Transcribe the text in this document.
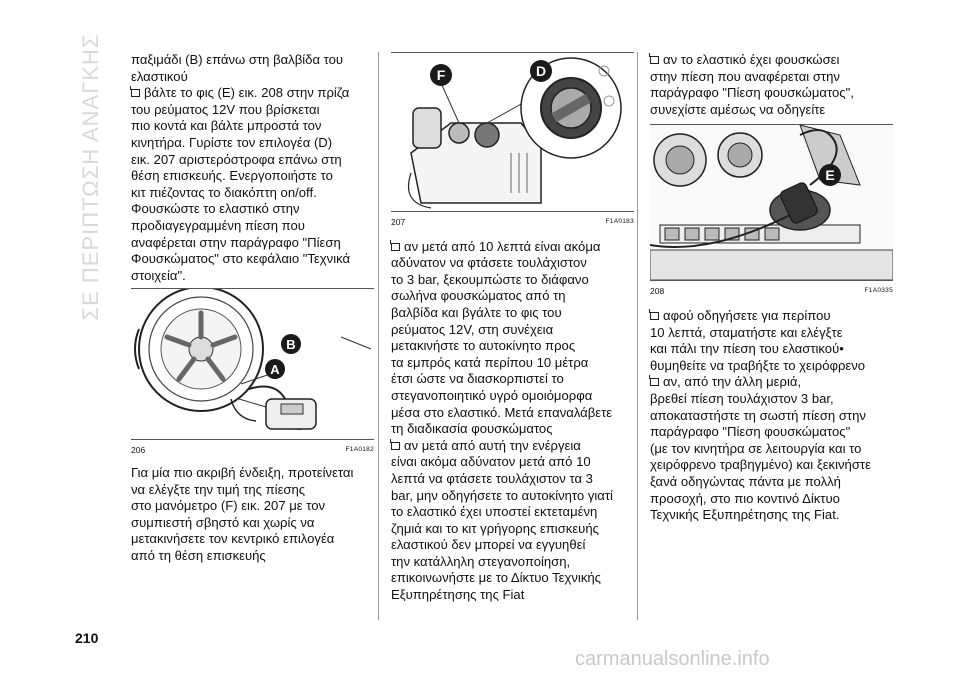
ΣΕ ΠΕΡΙΠΤΩΣΗ ΑΝΑΓΚΗΣ παξιμάδι (B) επάνω στη βαλβίδα του

ελαστικού

βάλτε το φις (E) εικ. 208 στην πρίζα

του ρεύματος 12V που βρίσκεται

πιο κοντά και βάλτε μπροστά τον

κινητήρα. Γυρίστε τον επιλογέα (D)

εικ. 207 αριστερόστροφα επάνω στη

θέση επισκευής. Ενεργοποιήστε το

κιτ πιέζοντας το διακόπτη on/off.

Φουσκώστε το ελαστικό στην

προδιαγεγραμμένη πίεση που

αναφέρεται στην παράγραφο "Πίεση

Φουσκώματος" στο κεφάλαιο "Τεχνικά

στοιχεία".

B
A
206	F1A0182

Για μία πιο ακριβή ένδειξη, προτείνεται

να ελέγξτε την τιμή της πίεσης

στο μανόμετρο (F) εικ. 207 με τον

συμπιεστή σβηστό και χωρίς να

μετακινήσετε τον κεντρικό επιλογέα

από τη θέση επισκευής

F	D
207	F1A0183

αν μετά από 10 λεπτά είναι ακόμα

αδύνατον να φτάσετε τουλάχιστον

το 3 bar, ξεκουμπώστε το διάφανο

σωλήνα φουσκώματος από τη

βαλβίδα και βγάλτε το φις του

ρεύματος 12V, στη συνέχεια

μετακινήστε το αυτοκίνητο προς

τα εμπρός κατά περίπου 10 μέτρα

έτσι ώστε να διασκορπιστεί το

στεγανοποιητικό υγρό ομοιόμορφα

μέσα στο ελαστικό. Μετά επαναλάβετε

τη διαδικασία φουσκώματος

αν μετά από αυτή την ενέργεια

είναι ακόμα αδύνατον μετά από 10

λεπτά να φτάσετε τουλάχιστον τα 3

bar, μην οδηγήσετε το αυτοκίνητο γιατί

το ελαστικό έχει υποστεί εκτεταμένη

ζημιά και το κιτ γρήγορης επισκευής

ελαστικού δεν μπορεί να εγγυηθεί

την κατάλληλη στεγανοποίηση,

επικοινωνήστε με το Δίκτυο Τεχνικής

Εξυπηρέτησης της Fiat

αν το ελαστικό έχει φουσκώσει

στην πίεση που αναφέρεται στην

παράγραφο "Πίεση φουσκώματος",

συνεχίστε αμέσως να οδηγείτε

E
208	F1A0335

αφού οδηγήσετε για περίπου

10 λεπτά, σταματήστε και ελέγξτε

και πάλι την πίεση του ελαστικού•

θυμηθείτε να τραβήξτε το χειρόφρενο

αν, από την άλλη μεριά,

βρεθεί πίεση τουλάχιστον 3 bar,

αποκαταστήστε τη σωστή πίεση στην

παράγραφο "Πίεση φουσκώματος"

(με τον κινητήρα σε λειτουργία και το

χειρόφρενο τραβηγμένο) και ξεκινήστε

ξανά οδηγώντας πάντα με πολλή

προσοχή, στο πιο κοντινό Δίκτυο

Τεχνικής Εξυπηρέτησης της Fiat.

210
carmanualsonline.info
